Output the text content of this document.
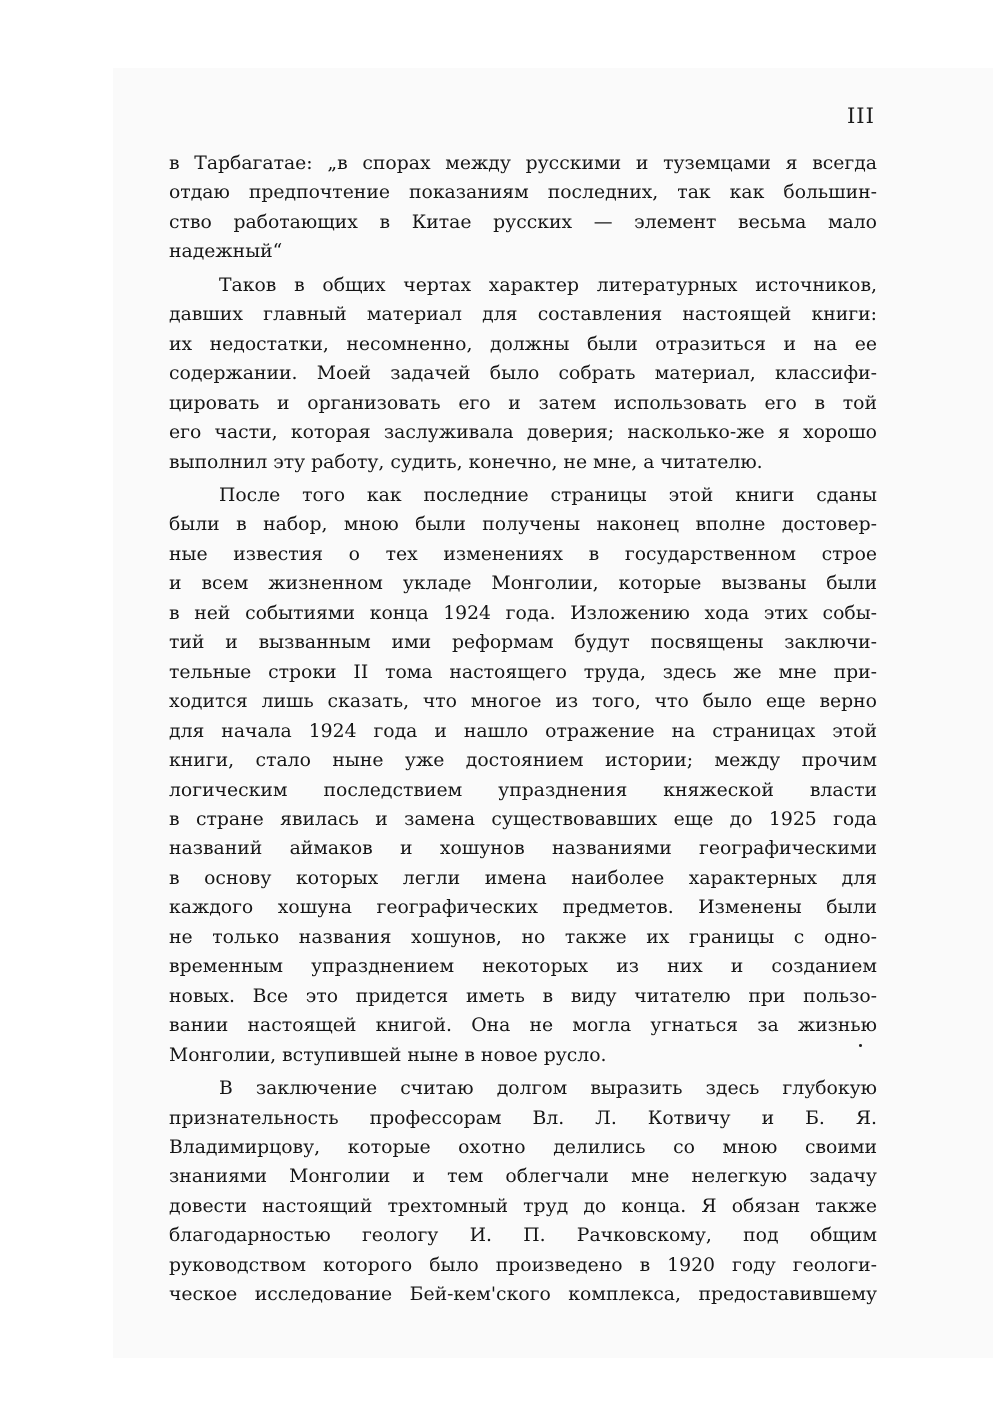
III

в Тарбагатае: „в спорах между русскими и туземцами я всегда
отдаю предпочтение показаниям последних, так как большин-
ство работающих в Китае русских — элемент весьма мало
надежный“

Таков в общих чертах характер литературных источников,
давших главный материал для составления настоящей книги:
их недостатки, несомненно, должны были отразиться и на ее
содержании. Моей задачей было собрать материал, классифи-
цировать и организовать его и затем использовать его в той
его части, которая заслуживала доверия; насколько-же я хорошо
выполнил эту работу, судить, конечно, не мне, а читателю.

После того как последние страницы этой книги сданы
были в набор, мною были получены наконец вполне достовер-
ные известия о тех изменениях в государственном строе
и всем жизненном укладе Монголии, которые вызваны были
в ней событиями конца 1924 года. Изложению хода этих собы-
тий и вызванным ими реформам будут посвящены заключи-
тельные строки II тома настоящего труда, здесь же мне при-
ходится лишь сказать, что многое из того, что было еще верно
для начала 1924 года и нашло отражение на страницах этой
книги, стало ныне уже достоянием истории; между прочим
логическим последствием упразднения княжеской власти
в стране явилась и замена существовавших еще до 1925 года
названий аймаков и хошунов названиями географическими
в основу которых легли имена наиболее характерных для
каждого хошуна географических предметов. Изменены были
не только названия хошунов, но также их границы с одно-
временным упразднением некоторых из них и созданием
новых. Все это придется иметь в виду читателю при пользо-
вании настоящей книгой. Она не могла угнаться за жизнью
Монголии, вступившей ныне в новое русло.

В заключение считаю долгом выразить здесь глубокую
признательность профессорам Вл. Л. Котвичу и Б. Я.
Владимирцову, которые охотно делились со мною своими
знаниями Монголии и тем облегчали мне нелегкую задачу
довести настоящий трехтомный труд до конца. Я обязан также
благодарностью геологу И. П. Рачковскому, под общим
руководством которого было произведено в 1920 году геологи-
ческое исследование Бей-кем'ского комплекса, предоставившему
